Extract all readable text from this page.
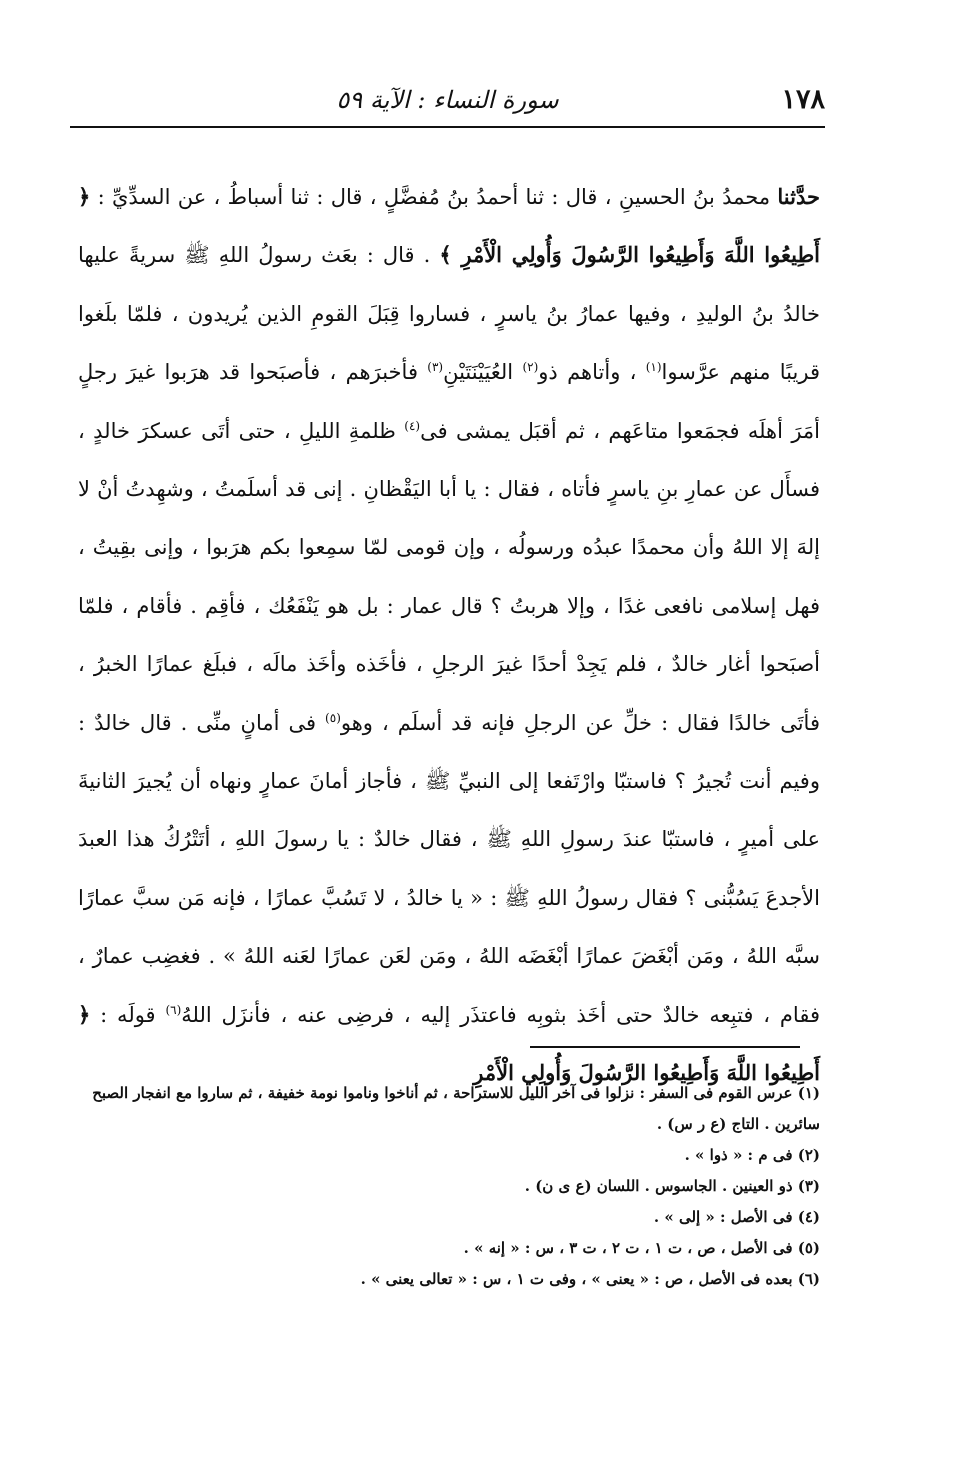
١٧٨
سورة النساء : الآية ٥٩

حدَّثنا محمدُ بنُ الحسينِ ، قال : ثنا أحمدُ بنُ مُفضَّلٍ ، قال : ثنا أسباطُ ، عن السدِّيِّ : ﴿ أَطِيعُوا اللَّهَ وَأَطِيعُوا الرَّسُولَ وَأُولِي الْأَمْرِ ﴾ . قال : بعَث رسولُ اللهِ ﷺ سريةً عليها خالدُ بنُ الوليدِ ، وفيها عمارُ بنُ ياسرٍ ، فساروا قِبَلَ القومِ الذين يُريدون ، فلمّا بلَغوا قريبًا منهم عرَّسوا$^{(١)}$ ، وأتاهم ذو$^{(٢)}$ العُيَيْنَتَيْنِ$^{(٣)}$ فأخبرَهم ، فأصبَحوا قد هرَبوا غيرَ رجلٍ أمَرَ أهلَه فجمَعوا متاعَهم ، ثم أقبَل يمشى فى$^{(٤)}$ ظلمةِ الليلِ ، حتى أتَى عسكرَ خالدٍ ، فسأَل عن عمارِ بنِ ياسرٍ فأتاه ، فقال : يا أبا اليَقْظانِ . إنى قد أسلَمتُ ، وشهِدتُ أنْ لا إلهَ إلا اللهُ وأن محمدًا عبدُه ورسولُه ، وإن قومى لمّا سمِعوا بكم هرَبوا ، وإنى بقِيتُ ، فهل إسلامى نافعى غدًا ، وإلا هربتُ ؟ قال عمار : بل هو يَنْفَعُك ، فأقِم . فأقام ، فلمّا أصبَحوا أغار خالدٌ ، فلم يَجِدْ أحدًا غيرَ الرجلِ ، فأخَذه وأخَذ مالَه ، فبلَغ عمارًا الخبرُ ، فأتَى خالدًا فقال : خلِّ عن الرجلِ فإنه قد أسلَم ، وهو$^{(٥)}$ فى أمانٍ منِّى . قال خالدٌ : وفيم أنت تُجيرُ ؟ فاستبّا وارْتَفعا إلى النبيِّ ﷺ ، فأجاز أمانَ عمارٍ ونهاه أن يُجيرَ الثانيةَ على أميرٍ ، فاستبّا عندَ رسولِ اللهِ ﷺ ، فقال خالدٌ : يا رسولَ اللهِ ، أتَتْرُكُ هذا العبدَ الأجدعَ يَسُبُّنى ؟ فقال رسولُ اللهِ ﷺ : « يا خالدُ ، لا تَسُبَّ عمارًا ، فإنه مَن سبَّ عمارًا سبَّه اللهُ ، ومَن أبْغَضَ عمارًا أبْغَضَه اللهُ ، ومَن لعَن عمارًا لعَنه اللهُ » . فغضِب عمارٌ ، فقام ، فتبِعه خالدٌ حتى أخَذ بثوبِه فاعتذَر إليه ، فرضِى عنه ، فأنزَل اللهُ$^{(٦)}$ قولَه : ﴿ أَطِيعُوا اللَّهَ وَأَطِيعُوا الرَّسُولَ وَأُولِي الْأَمْرِ

(١) عرس القوم فى السفر : نزلوا فى آخر الليل للاستراحة ، ثم أناخوا وناموا نومة خفيفة ، ثم ساروا مع انفجار الصبح سائرين . التاج (ع ر س) .
(٢) فى م : « ذوا » .
(٣) ذو العينين . الجاسوس . اللسان (ع ى ن) .
(٤) فى الأصل : « إلى » .
(٥) فى الأصل ، ص ، ت ١ ، ت ٢ ، ت ٣ ، س : « إنه » .
(٦) بعده فى الأصل ، ص : « يعنى » ، وفى ت ١ ، س : « تعالى يعنى » .
